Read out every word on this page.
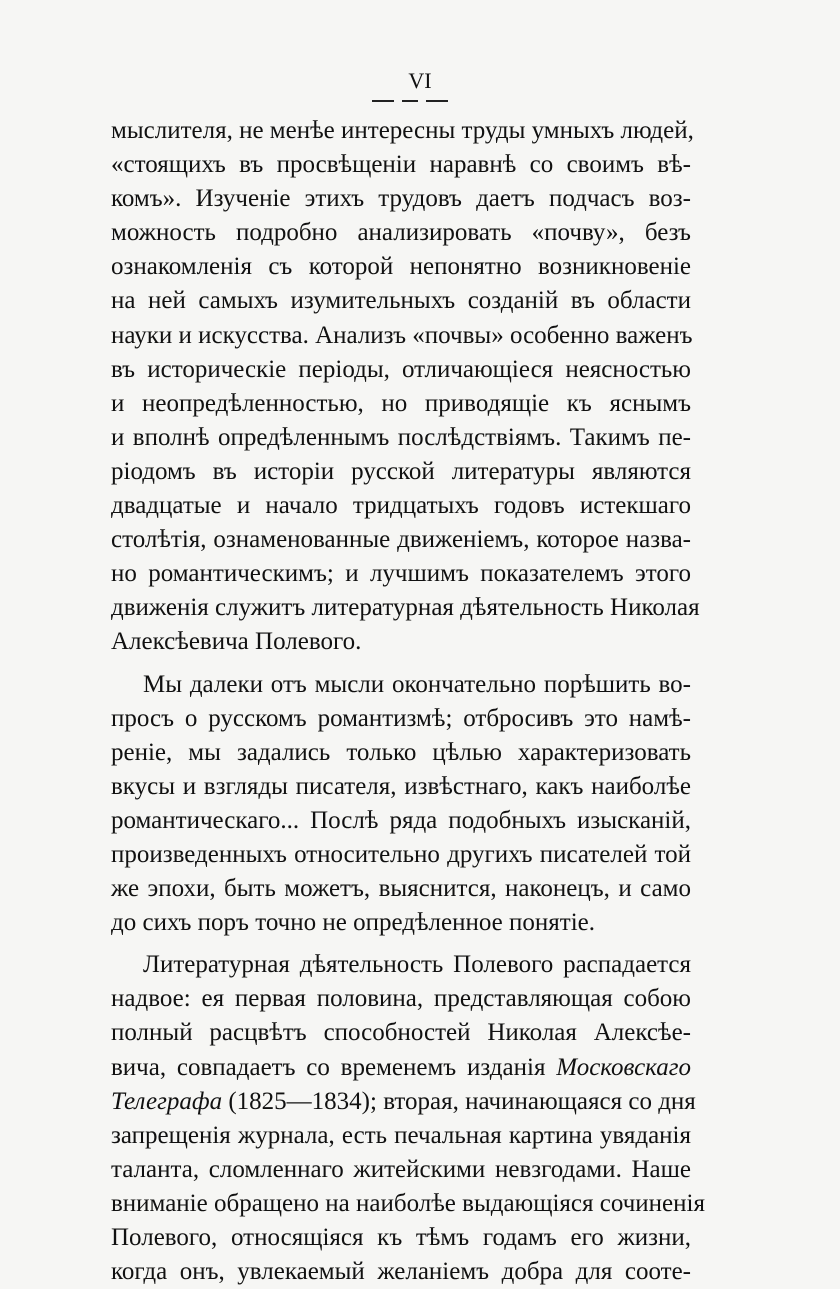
VI
мыслителя, не менѣе интересны труды умныхъ людей,
«стоящихъ въ просвѣщеніи наравнѣ со своимъ вѣ-
комъ». Изученіе этихъ трудовъ даетъ подчасъ воз-
можность подробно анализировать «почву», безъ
ознакомленія съ которой непонятно возникновеніе
на ней самыхъ изумительныхъ созданій въ области
науки и искусства. Анализъ «почвы» особенно важенъ
въ историческіе періоды, отличающіеся неясностью
и неопредѣленностью, но приводящіе къ яснымъ
и вполнѣ опредѣленнымъ послѣдствіямъ. Такимъ пе-
ріодомъ въ исторіи русской литературы являются
двадцатые и начало тридцатыхъ годовъ истекшаго
столѣтія, ознаменованные движеніемъ, которое назва-
но романтическимъ; и лучшимъ показателемъ этого
движенія служитъ литературная дѣятельность Николая
Алексѣевича Полевого.
Мы далеки отъ мысли окончательно порѣшить во-
просъ о русскомъ романтизмѣ; отбросивъ это намѣ-
реніе, мы задались только цѣлью характеризовать
вкусы и взгляды писателя, извѣстнаго, какъ наиболѣе
романтическаго... Послѣ ряда подобныхъ изысканій,
произведенныхъ относительно другихъ писателей той
же эпохи, быть можетъ, выяснится, наконецъ, и само
до сихъ поръ точно не опредѣленное понятіе.
Литературная дѣятельность Полевого распадается
надвое: ея первая половина, представляющая собою
полный расцвѣтъ способностей Николая Алексѣе-
вича, совпадаетъ со временемъ изданія Московскаго
Телеграфа (1825—1834); вторая, начинающаяся со дня
запрещенія журнала, есть печальная картина увяданія
таланта, сломленнаго житейскими невзгодами. Наше
вниманіе обращено на наиболѣе выдающіяся сочиненія
Полевого, относящіяся къ тѣмъ годамъ его жизни,
когда онъ, увлекаемый желаніемъ добра для соотe-
